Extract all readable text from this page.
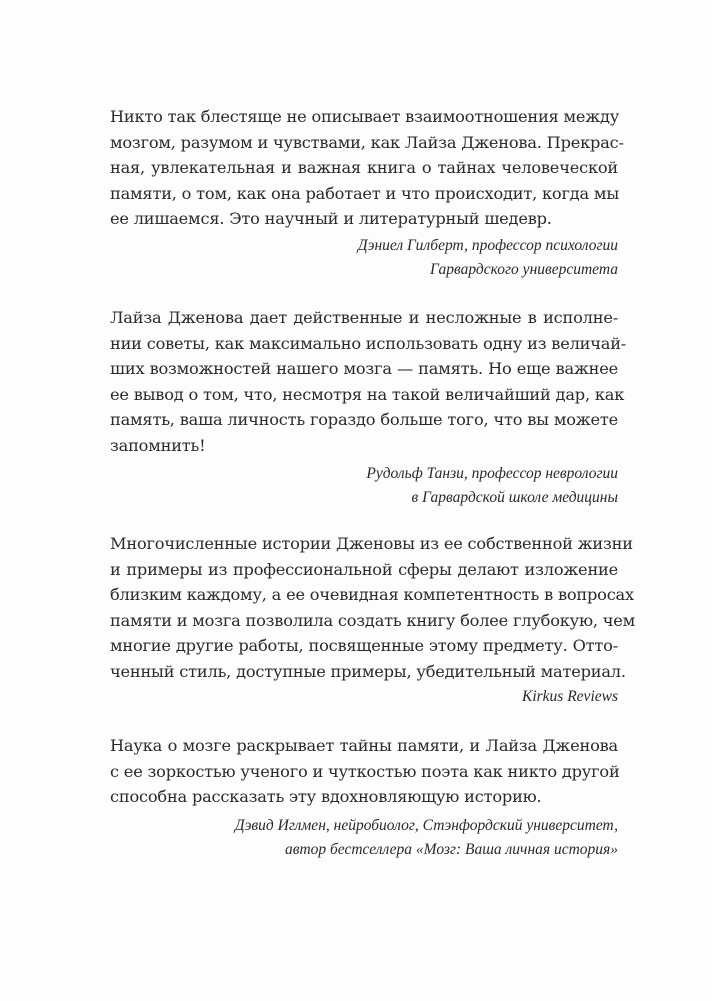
Никто так блестяще не описывает взаимоотношения между
мозгом, разумом и чувствами, как Лайза Дженова. Прекрас-
ная, увлекательная и важная книга о тайнах человеческой
памяти, о том, как она работает и что происходит, когда мы
ее лишаемся. Это научный и литературный шедевр.
Дэниел Гилберт, профессор психологии
Гарвардского университета
Лайза Дженова дает действенные и несложные в исполне-
нии советы, как максимально использовать одну из величай-
ших возможностей нашего мозга — память. Но еще важнее
ее вывод о том, что, несмотря на такой величайший дар, как
память, ваша личность гораздо больше того, что вы можете
запомнить!
Рудольф Танзи, профессор неврологии
в Гарвардской школе медицины
Многочисленные истории Дженовы из ее собственной жизни
и примеры из профессиональной сферы делают изложение
близким каждому, а ее очевидная компетентность в вопросах
памяти и мозга позволила создать книгу более глубокую, чем
многие другие работы, посвященные этому предмету. Отто-
ченный стиль, доступные примеры, убедительный материал.
Kirkus Reviews
Наука о мозге раскрывает тайны памяти, и Лайза Дженова
с ее зоркостью ученого и чуткостью поэта как никто другой
способна рассказать эту вдохновляющую историю.
Дэвид Иглмен, нейробиолог, Стэнфордский университет,
автор бестселлера «Мозг: Ваша личная история»
